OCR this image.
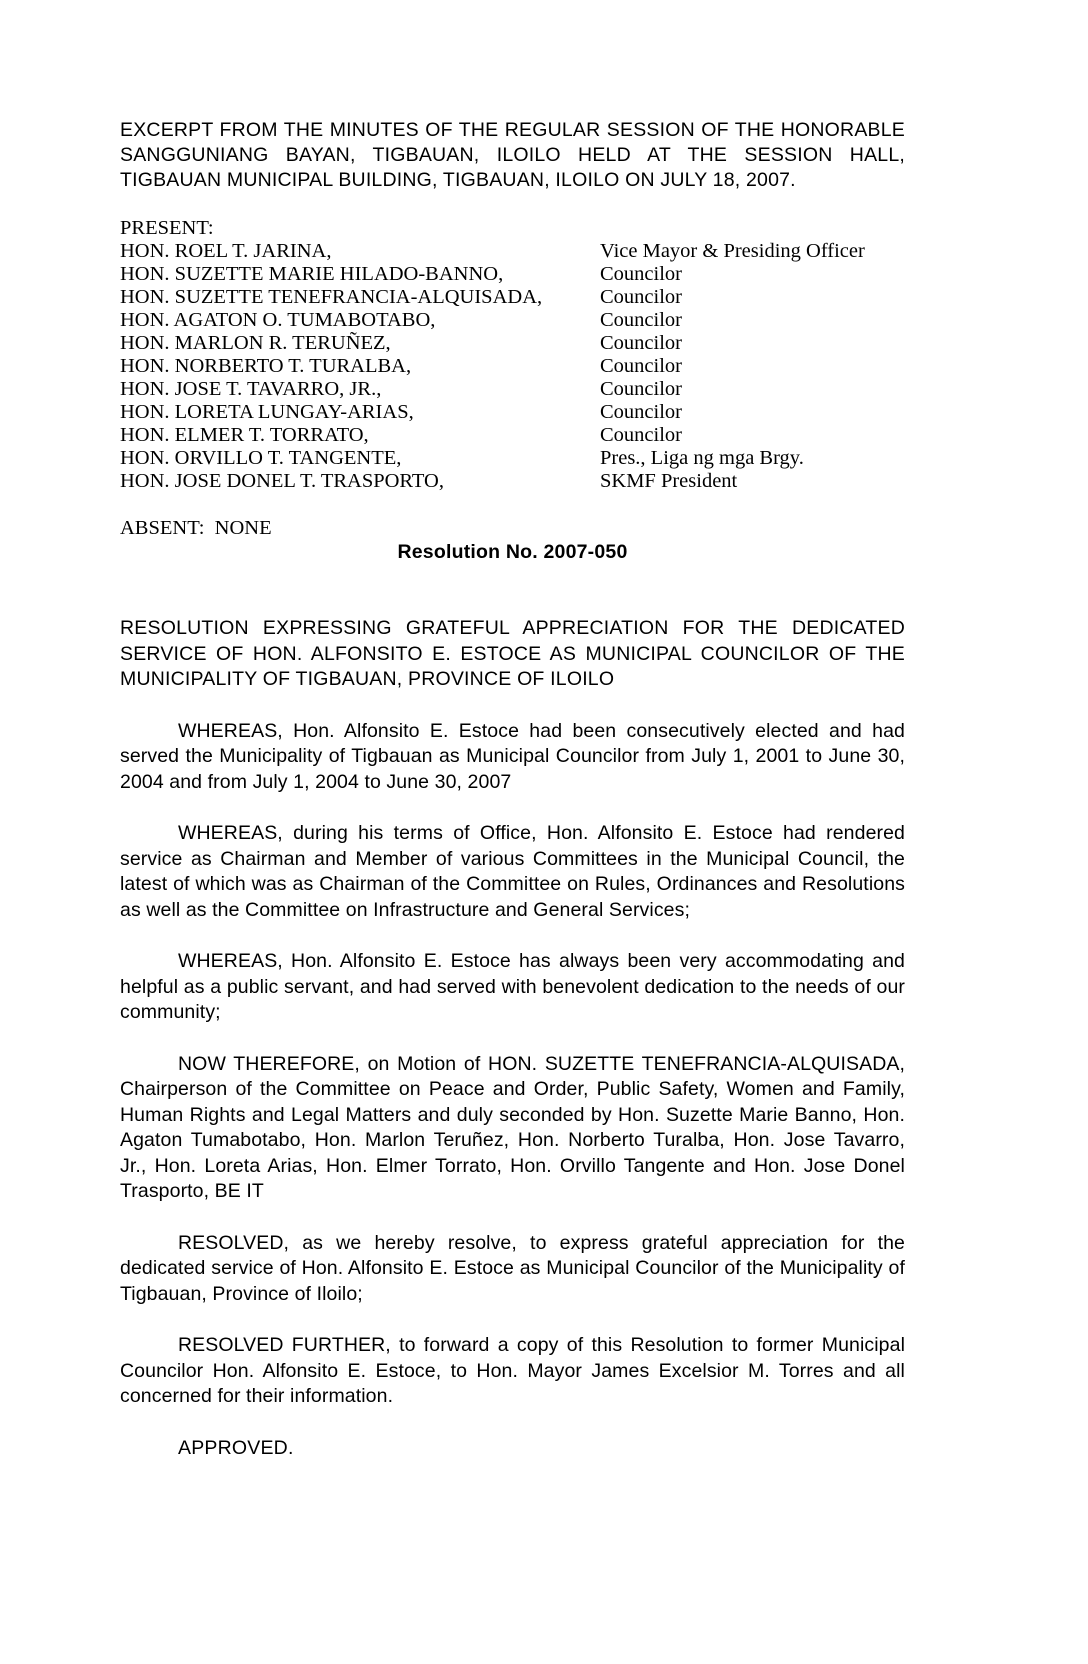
EXCERPT FROM THE MINUTES OF THE REGULAR SESSION OF THE HONORABLE SANGGUNIANG BAYAN, TIGBAUAN, ILOILO HELD AT THE SESSION HALL, TIGBAUAN MUNICIPAL BUILDING, TIGBAUAN, ILOILO ON JULY 18, 2007.

PRESENT:
HON. ROEL T. JARINA,	Vice Mayor & Presiding Officer
HON. SUZETTE MARIE HILADO-BANNO,	Councilor
HON. SUZETTE TENEFRANCIA-ALQUISADA,	Councilor
HON. AGATON O. TUMABOTABO,	Councilor
HON. MARLON R. TERUÑEZ,	Councilor
HON. NORBERTO T. TURALBA,	Councilor
HON. JOSE T. TAVARRO, JR.,	Councilor
HON. LORETA LUNGAY-ARIAS,	Councilor
HON. ELMER T. TORRATO,	Councilor
HON. ORVILLO T. TANGENTE,	Pres., Liga ng mga Brgy.
HON. JOSE DONEL T. TRASPORTO,	SKMF President

ABSENT:  NONE

Resolution No. 2007-050

RESOLUTION EXPRESSING GRATEFUL APPRECIATION FOR THE DEDICATED SERVICE OF HON. ALFONSITO E. ESTOCE AS MUNICIPAL COUNCILOR OF THE MUNICIPALITY OF TIGBAUAN, PROVINCE OF ILOILO

WHEREAS, Hon. Alfonsito E. Estoce had been consecutively elected and had served the Municipality of Tigbauan as Municipal Councilor from July 1, 2001 to June 30, 2004 and from July 1, 2004 to June 30, 2007

WHEREAS, during his terms of Office, Hon. Alfonsito E. Estoce had rendered service as Chairman and Member of various Committees in the Municipal Council, the latest of which was as Chairman of the Committee on Rules, Ordinances and Resolutions as well as the Committee on Infrastructure and General Services;

WHEREAS, Hon. Alfonsito E. Estoce has always been very accommodating and helpful as a public servant, and had served with benevolent dedication to the needs of our community;

NOW THEREFORE, on Motion of HON. SUZETTE TENEFRANCIA-ALQUISADA, Chairperson of the Committee on Peace and Order, Public Safety, Women and Family, Human Rights and Legal Matters and duly seconded by Hon. Suzette Marie Banno, Hon. Agaton Tumabotabo, Hon. Marlon Teruñez, Hon. Norberto Turalba, Hon. Jose Tavarro, Jr., Hon. Loreta Arias, Hon. Elmer Torrato, Hon. Orvillo Tangente and Hon. Jose Donel Trasporto, BE IT

RESOLVED, as we hereby resolve, to express grateful appreciation for the dedicated service of Hon. Alfonsito E. Estoce as Municipal Councilor of the Municipality of Tigbauan, Province of Iloilo;

RESOLVED FURTHER, to forward a copy of this Resolution to former Municipal Councilor Hon. Alfonsito E. Estoce, to Hon. Mayor James Excelsior M. Torres and all concerned for their information.

APPROVED.
